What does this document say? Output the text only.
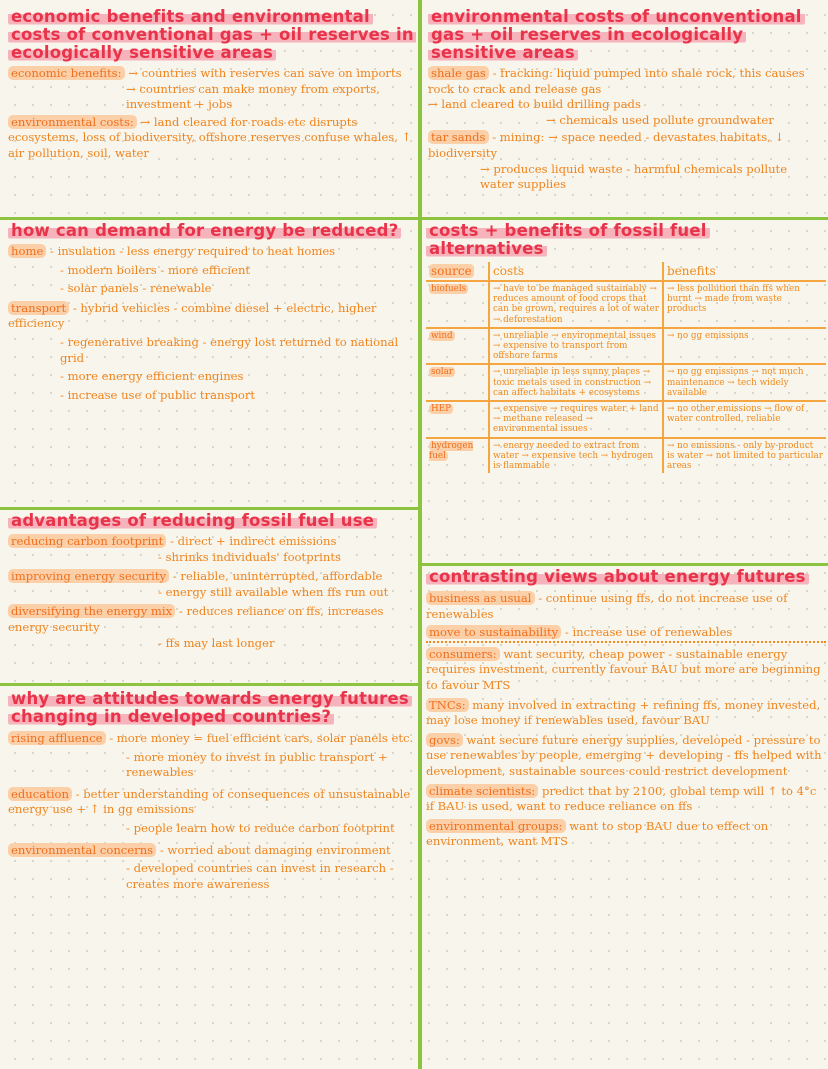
economic benefits and environmental costs of conventional gas + oil reserves in ecologically sensitive areas
economic benefits: → countries with reserves can save on imports
→ countries can make money from exports, investment + jobs
environmental costs: → land cleared for roads etc disrupts ecosystems, loss of biodiversity, offshore reserves confuse whales, ↑ air pollution, soil, water
environmental costs of unconventional gas + oil reserves in ecologically sensitive areas
shale gas - fracking: liquid pumped into shale rock, this causes rock to crack and release gas
→ land cleared to build drilling pads
→ chemicals used pollute groundwater
tar sands - mining: → space needed - devastates habitats, ↓ biodiversity
→ produces liquid waste - harmful chemicals pollute water supplies
how can demand for energy be reduced?
home - insulation - less energy required to heat homes
- modern boilers - more efficient
- solar panels - renewable
transport - hybrid vehicles - combine diesel + electric, higher efficiency
- regenerative breaking - energy lost returned to national grid
- more energy efficient engines
- increase use of public transport
costs + benefits of fossil fuel alternatives
source	costs	benefits
biofuels	→ have to be managed sustainably → reduces amount of food crops that can be grown, requires a lot of water → deforestation	→ less pollution than ffs when burnt → made from waste products
wind	→ unreliable → environmental issues → expensive to transport from offshore farms	→ no gg emissions
solar	→ unreliable in less sunny places → toxic metals used in construction → can affect habitats + ecosystems	→ no gg emissions → not much maintenance → tech widely available
HEP	→ expensive → requires water + land → methane released → environmental issues	→ no other emissions → flow of water controlled, reliable
hydrogen fuel	→ energy needed to extract from water → expensive tech → hydrogen is flammable	→ no emissions - only by-product is water → not limited to particular areas
advantages of reducing fossil fuel use
reducing carbon footprint - direct + indirect emissions
- shrinks individuals' footprints
improving energy security - reliable, uninterrupted, affordable
- energy still available when ffs run out
diversifying the energy mix - reduces reliance on ffs, increases energy security
- ffs may last longer
contrasting views about energy futures
business as usual - continue using ffs, do not increase use of renewables
move to sustainability - increase use of renewables
consumers: want security, cheap power - sustainable energy requires investment, currently favour BAU but more are beginning to favour MTS
TNCs: many involved in extracting + refining ffs, money invested, may lose money if renewables used, favour BAU
govs: want secure future energy supplies, developed - pressure to use renewables by people, emerging + developing - ffs helped with development, sustainable sources could restrict development
climate scientists: predict that by 2100, global temp will ↑ to 4°c if BAU is used, want to reduce reliance on ffs
environmental groups: want to stop BAU due to effect on environment, want MTS
why are attitudes towards energy futures changing in developed countries?
rising affluence - more money = fuel efficient cars, solar panels etc.
- more money to invest in public transport + renewables
education - better understanding of consequences of unsustainable energy use + ↑ in gg emissions
- people learn how to reduce carbon footprint
environmental concerns - worried about damaging environment
- developed countries can invest in research - creates more awareness
